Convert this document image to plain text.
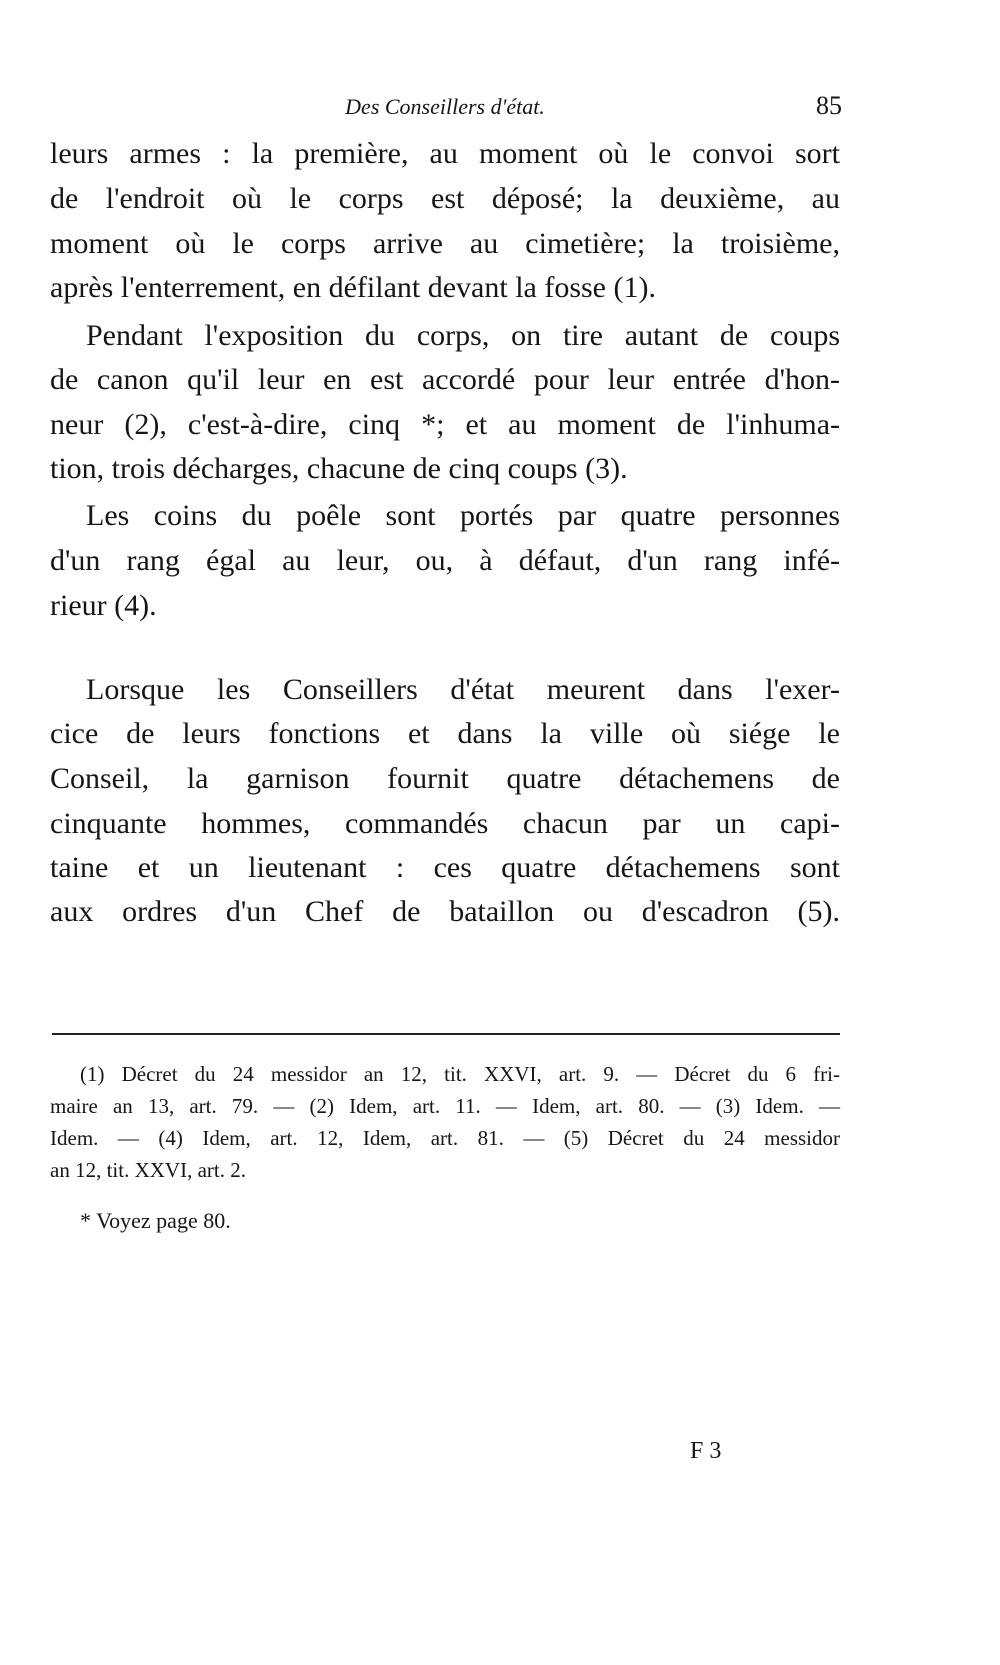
Des Conseillers d'état.	85
leurs armes : la première, au moment où le convoi sort
de l'endroit où le corps est déposé; la deuxième, au
moment où le corps arrive au cimetière; la troisième,
après l'enterrement, en défilant devant la fosse (1).
Pendant l'exposition du corps, on tire autant de coups
de canon qu'il leur en est accordé pour leur entrée d'hon-
neur (2), c'est-à-dire, cinq *; et au moment de l'inhuma-
tion, trois décharges, chacune de cinq coups (3).
Les coins du poêle sont portés par quatre personnes
d'un rang égal au leur, ou, à défaut, d'un rang infé-
rieur (4).
Lorsque les Conseillers d'état meurent dans l'exer-
cice de leurs fonctions et dans la ville où siége le
Conseil, la garnison fournit quatre détachemens de
cinquante hommes, commandés chacun par un capi-
taine et un lieutenant : ces quatre détachemens sont
aux ordres d'un Chef de bataillon ou d'escadron (5).
(1) Décret du 24 messidor an 12, tit. XXVI, art. 9. — Décret du 6 fri-
maire an 13, art. 79. — (2) Idem, art. 11. — Idem, art. 80. — (3) Idem. —
Idem. — (4) Idem, art. 12, Idem, art. 81. — (5) Décret du 24 messidor
an 12, tit. XXVI, art. 2.
* Voyez page 80.
F 3
